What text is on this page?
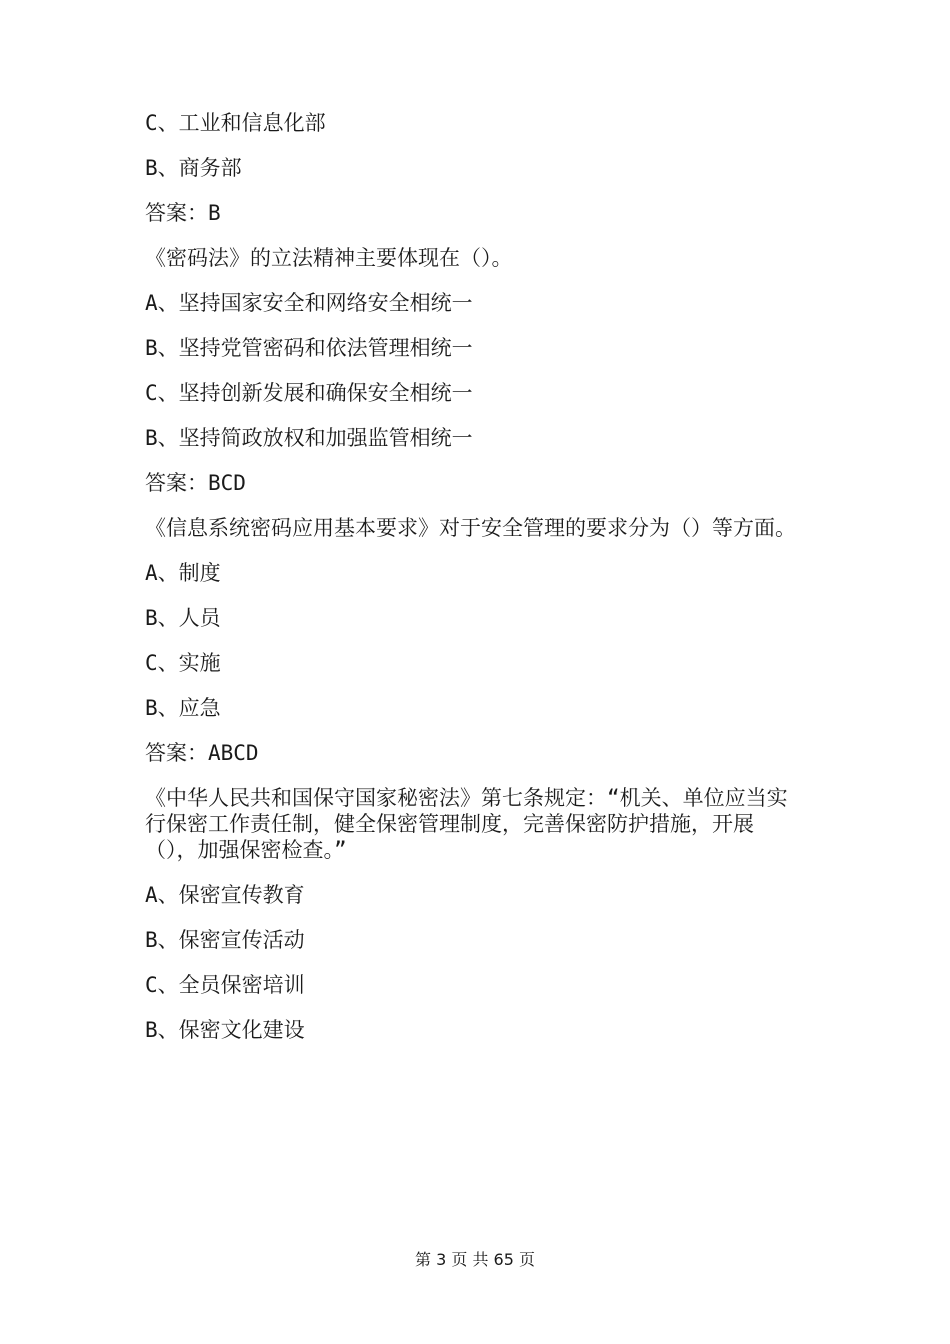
C、工业和信息化部
B、商务部
答案：B
《密码法》的立法精神主要体现在（）。
A、坚持国家安全和网络安全相统一
B、坚持党管密码和依法管理相统一
C、坚持创新发展和确保安全相统一
B、坚持简政放权和加强监管相统一
答案：BCD
《信息系统密码应用基本要求》对于安全管理的要求分为（）等方面。
A、制度
B、人员
C、实施
B、应急
答案：ABCD
《中华人民共和国保守国家秘密法》第七条规定：“机关、单位应当实行保密工作责任制，健全保密管理制度，完善保密防护措施，开展（），加强保密检查。”
A、保密宣传教育
B、保密宣传活动
C、全员保密培训
B、保密文化建设
第 3 页 共 65 页
